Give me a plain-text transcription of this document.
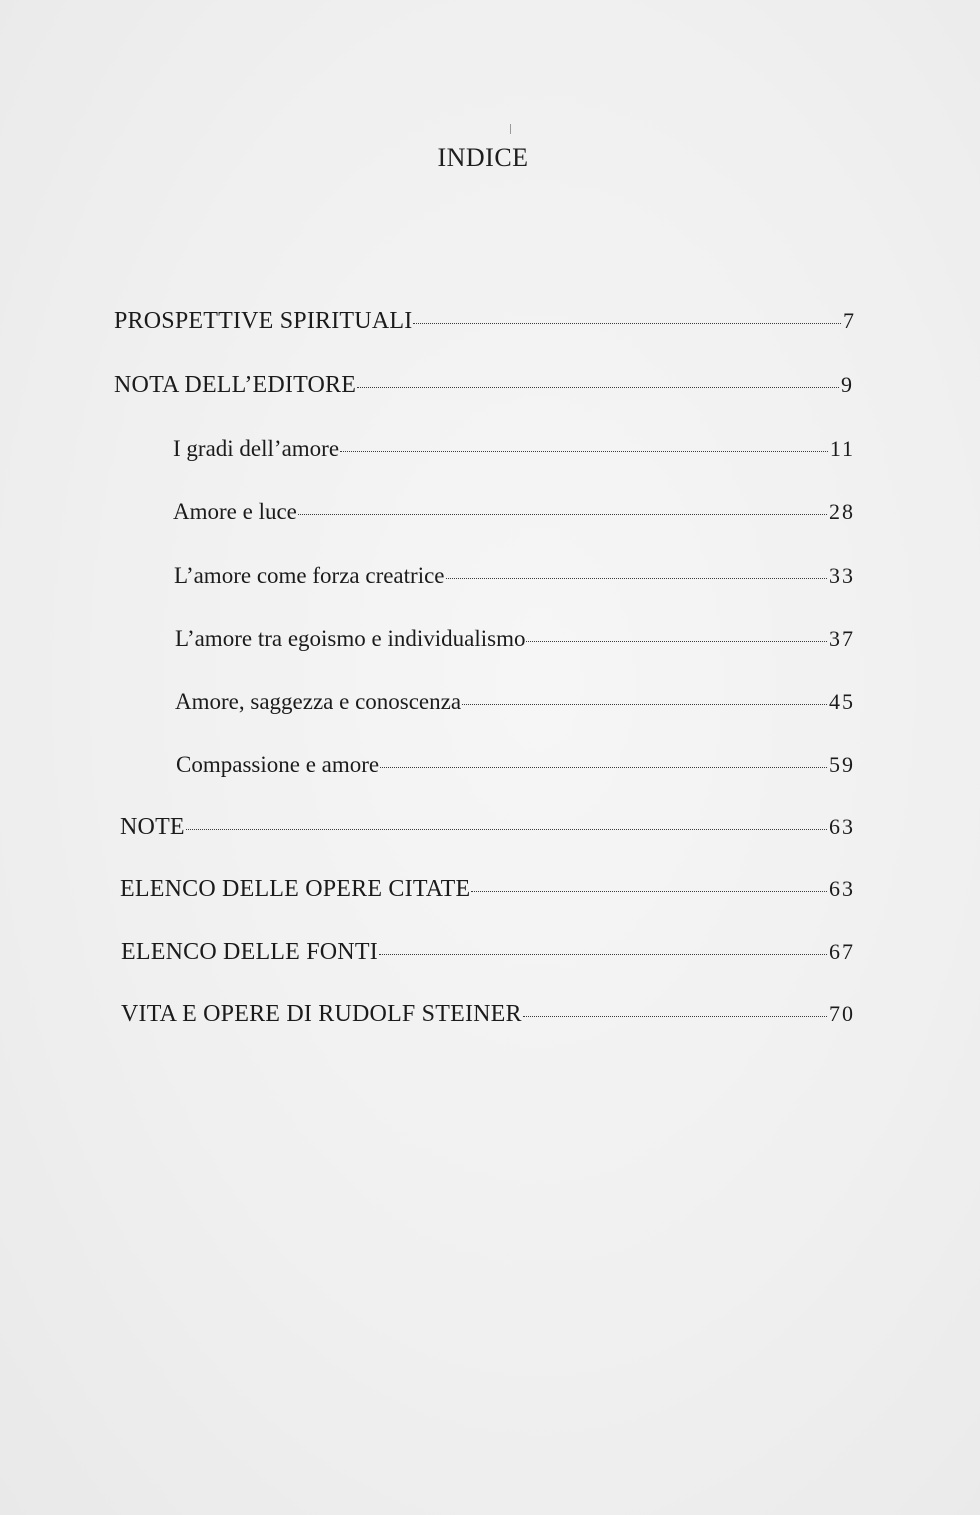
INDICE
PROSPETTIVE SPIRITUALI	7
NOTA DELL’EDITORE	9
I gradi dell’amore	11
Amore e luce	28
L’amore come forza creatrice	33
L’amore tra egoismo e individualismo	37
Amore, saggezza e conoscenza	45
Compassione e amore	59
NOTE	63
ELENCO DELLE OPERE CITATE	63
ELENCO DELLE FONTI	67
VITA E OPERE DI RUDOLF STEINER	70
